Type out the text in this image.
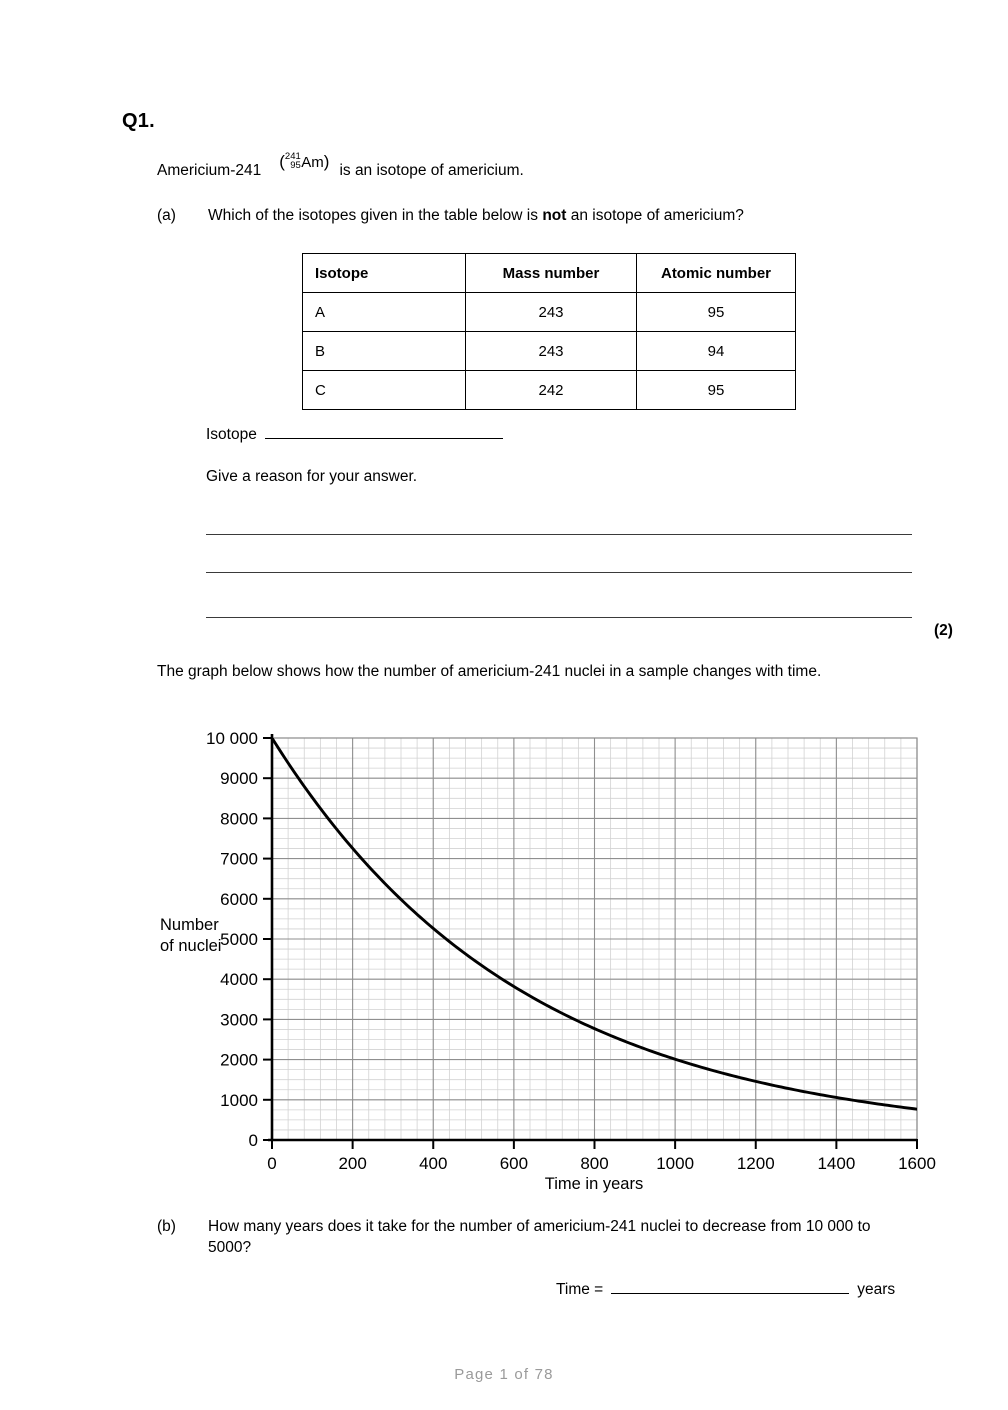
Q1.
Americium-241 ( 241
95 Am ) is an isotope of americium.
(a) Which of the isotopes given in the table below is not an isotope of americium?
Isotope	Mass number	Atomic number
A	243	95
B	243	94
C	242	95
Isotope
Give a reason for your answer.
(2)
The graph below shows how the number of americium-241 nuclei in a sample changes with time.
0
1000
2000
3000
4000
5000
6000
7000
8000
9000
10 000
0	200	400	600	800	1000	1200	1400	1600
Number
of nuclei
Time in years
(b) How many years does it take for the number of americium-241 nuclei to decrease from 10 000 to 5000?
Time =	years
Page 1 of 78
